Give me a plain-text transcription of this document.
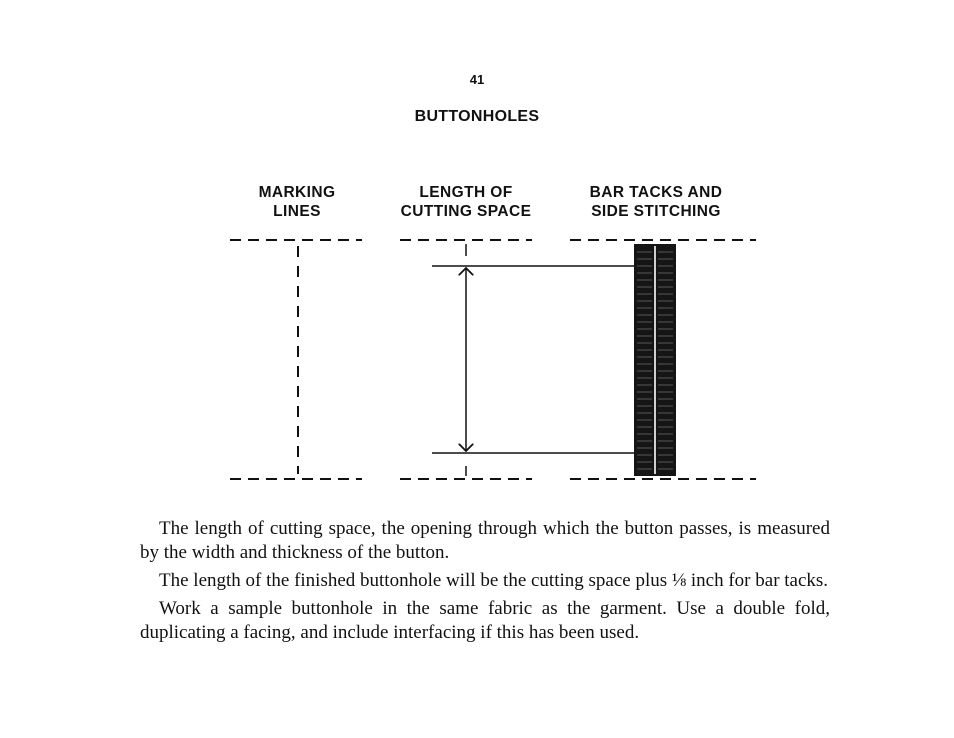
41
BUTTONHOLES
MARKING
LINES
LENGTH OF
CUTTING SPACE
BAR TACKS AND
SIDE STITCHING

The length of cutting space, the opening through which the button passes, is measured by the width and thickness of the button.

The length of the finished buttonhole will be the cutting space plus ⅛ inch for bar tacks.

Work a sample buttonhole in the same fabric as the garment. Use a double fold, duplicating a facing, and include interfacing if this has been used.
